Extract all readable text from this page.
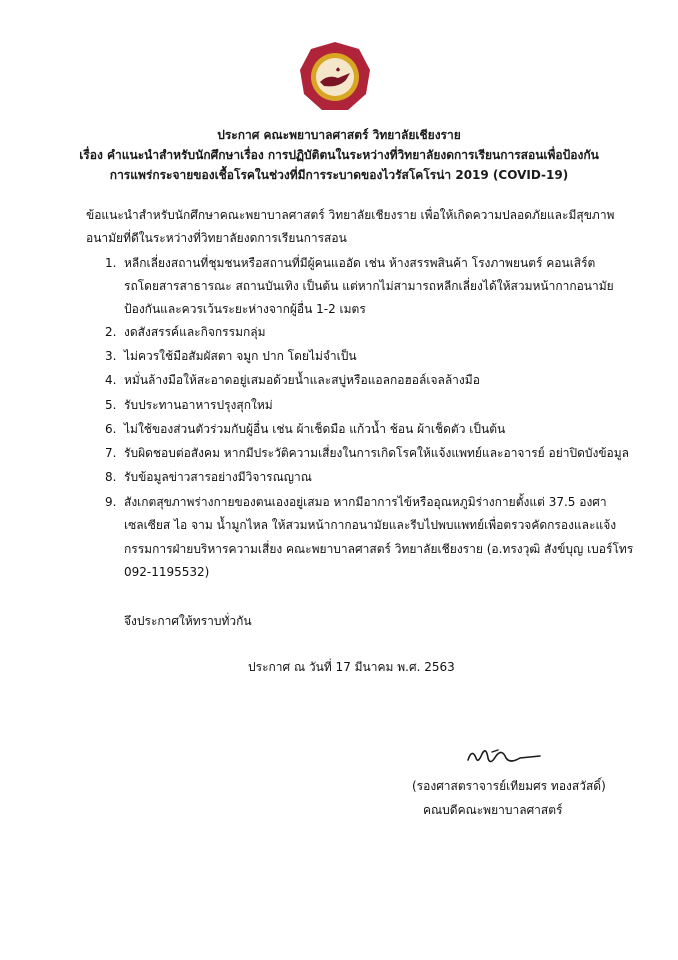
ประกาศ คณะพยาบาลศาสตร์ วิทยาลัยเชียงราย
เรื่อง คำแนะนำสำหรับนักศึกษาเรื่อง การปฏิบัติตนในระหว่างที่วิทยาลัยงดการเรียนการสอนเพื่อป้องกัน
การแพร่กระจายของเชื้อโรคในช่วงที่มีการระบาดของไวรัสโคโรน่า 2019 (COVID-19)
ข้อแนะนำสำหรับนักศึกษาคณะพยาบาลศาสตร์ วิทยาลัยเชียงราย เพื่อให้เกิดความปลอดภัยและมีสุขภาพ
อนามัยที่ดีในระหว่างที่วิทยาลัยงดการเรียนการสอน
1. หลีกเลี่ยงสถานที่ชุมชนหรือสถานที่มีผู้คนแออัด เช่น ห้างสรรพสินค้า โรงภาพยนตร์ คอนเสิร์ต
รถโดยสารสาธารณะ สถานบันเทิง เป็นต้น แต่หากไม่สามารถหลีกเลี่ยงได้ให้สวมหน้ากากอนามัย
ป้องกันและควรเว้นระยะห่างจากผู้อื่น 1-2 เมตร
2. งดสังสรรค์และกิจกรรมกลุ่ม
3. ไม่ควรใช้มือสัมผัสตา จมูก ปาก โดยไม่จำเป็น
4. หมั่นล้างมือให้สะอาดอยู่เสมอด้วยน้ำและสบู่หรือแอลกอฮอล์เจลล้างมือ
5. รับประทานอาหารปรุงสุกใหม่
6. ไม่ใช้ของส่วนตัวร่วมกับผู้อื่น เช่น ผ้าเช็ดมือ แก้วน้ำ ช้อน ผ้าเช็ดตัว เป็นต้น
7. รับผิดชอบต่อสังคม หากมีประวัติความเสี่ยงในการเกิดโรคให้แจ้งแพทย์และอาจารย์ อย่าปิดบังข้อมูล
8. รับข้อมูลข่าวสารอย่างมีวิจารณญาณ
9. สังเกตสุขภาพร่างกายของตนเองอยู่เสมอ หากมีอาการไข้หรืออุณหภูมิร่างกายตั้งแต่ 37.5 องศา
เซลเซียส ไอ จาม น้ำมูกไหล ให้สวมหน้ากากอนามัยและรีบไปพบแพทย์เพื่อตรวจคัดกรองและแจ้ง
กรรมการฝ่ายบริหารความเสี่ยง คณะพยาบาลศาสตร์ วิทยาลัยเชียงราย (อ.ทรงวุฒิ สังข์บุญ เบอร์โทร
092-1195532)
จึงประกาศให้ทราบทั่วกัน
ประกาศ ณ วันที่ 17 มีนาคม พ.ศ. 2563
(รองศาสตราจารย์เทียมศร ทองสวัสดิ์)
คณบดีคณะพยาบาลศาสตร์
